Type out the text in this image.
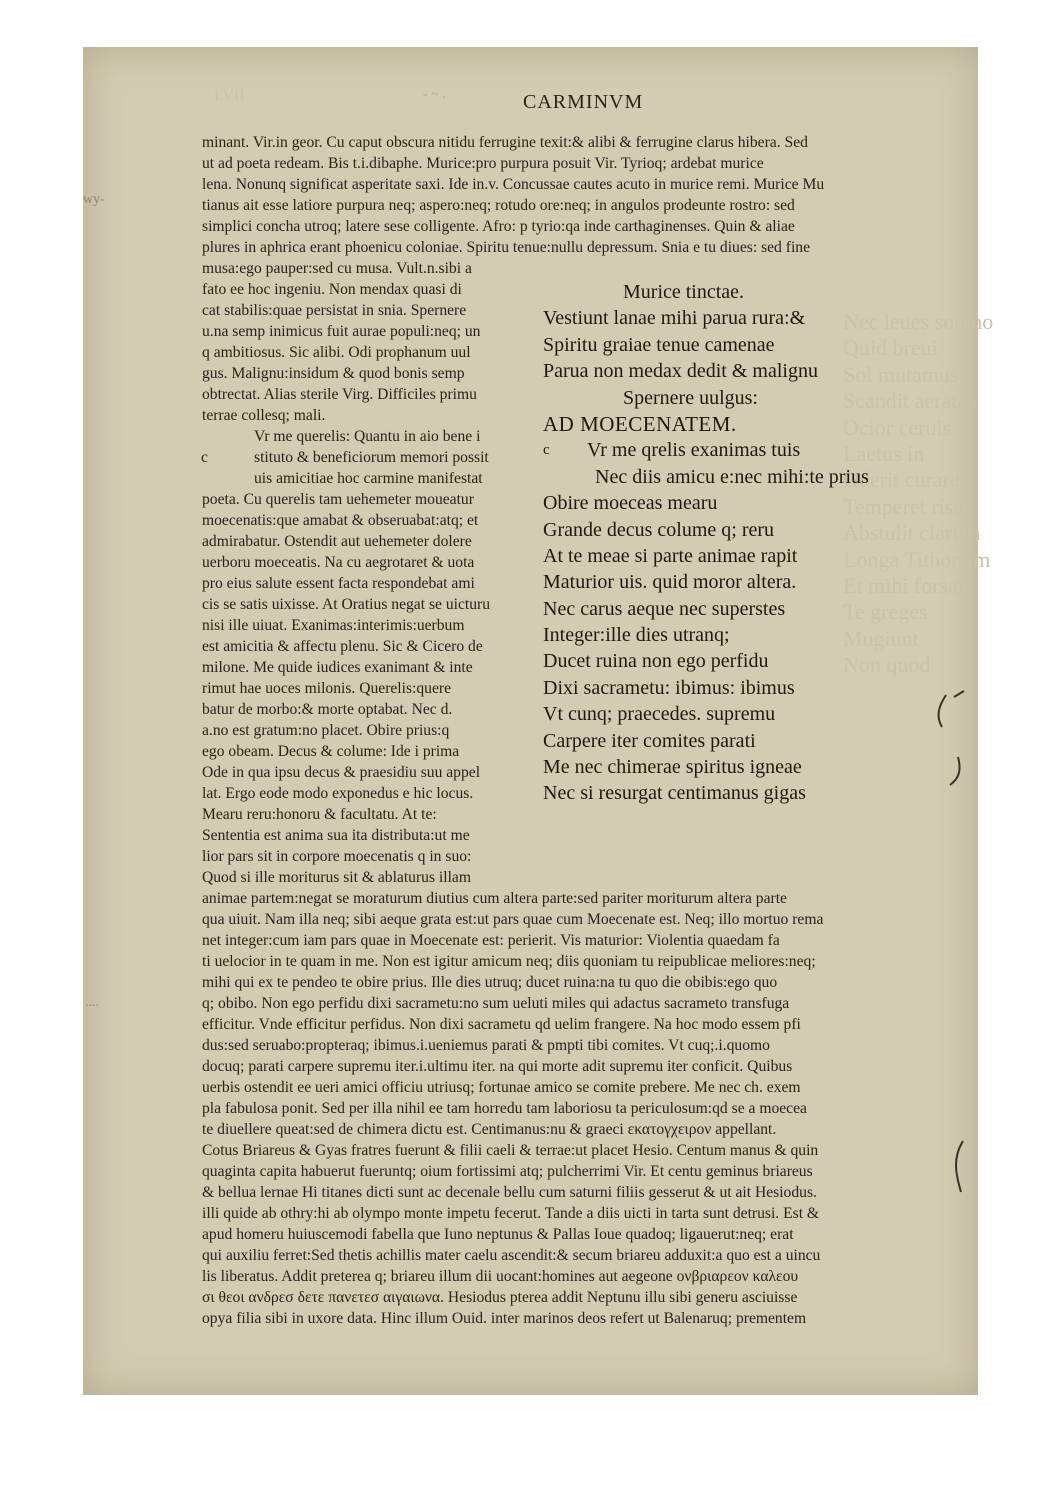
LVII
Nec leues somno
Quid breui
Sol mutamus
Scandit aeratas
Ocior ceruis
Laetus in
Oderit curare
Temperet risu
Abstulit clarum
Longa Tithonum
Et mihi forsan
Te greges
Mugiunt
Non quod
- ~ .	CARMINVM
wy-
....
minant. Vir.in geor. Cu caput obscura nitidu ferrugine texit:& alibi & ferrugine clarus hibera. Sed
ut ad poeta redeam. Bis t.i.dibaphe. Murice:pro purpura posuit Vir. Tyrioq; ardebat murice
lena. Nonunq significat asperitate saxi. Ide in.v. Concussae cautes acuto in murice remi. Murice Mu
tianus ait esse latiore purpura neq; aspero:neq; rotudo ore:neq; in angulos prodeunte rostro: sed
simplici concha utroq; latere sese colligente. Afro: p tyrio:qa inde carthaginenses. Quin & aliae
plures in aphrica erant phoenicu coloniae. Spiritu tenue:nullu depressum. Snia e tu diues: sed fine
musa:ego pauper:sed cu musa. Vult.n.sibi a
fato ee hoc ingeniu. Non mendax quasi di
cat stabilis:quae persistat in snia. Spernere
u.na semp inimicus fuit aurae populi:neq; un
q ambitiosus. Sic alibi. Odi prophanum uul
gus. Malignu:insidum & quod bonis semp
obtrectat. Alias sterile Virg. Difficiles primu
terrae collesq; mali.
Vr me querelis: Quantu in aio bene i
c	stituto & beneficiorum memori possit
uis amicitiae hoc carmine manifestat
poeta. Cu querelis tam uehemeter moueatur
moecenatis:que amabat & obseruabat:atq; et
admirabatur. Ostendit aut uehemeter dolere
uerboru moeceatis. Na cu aegrotaret & uota
pro eius salute essent facta respondebat ami
cis se satis uixisse. At Oratius negat se uicturu
nisi ille uiuat. Exanimas:interimis:uerbum
est amicitia & affectu plenu. Sic & Cicero de
milone. Me quide iudices exanimant & inte
rimut hae uoces milonis. Querelis:quere
batur de morbo:& morte optabat. Nec d.
a.no est gratum:no placet. Obire prius:q
ego obeam. Decus & colume: Ide i prima
Ode in qua ipsu decus & praesidiu suu appel
lat. Ergo eode modo exponedus e hic locus.
Mearu reru:honoru & facultatu. At te:
Sententia est anima sua ita distributa:ut me
lior pars sit in corpore moecenatis q in suo:
Quod si ille moriturus sit & ablaturus illam
Murice tinctae.
Vestiunt lanae mihi parua rura:&
Spiritu graiae tenue camenae
Parua non medax dedit & malignu
Spernere uulgus:
AD MOECENATEM.
c Vr me qrelis exanimas tuis
Nec diis amicu e:nec mihi:te prius
Obire moeceas mearu
Grande decus colume q; reru
At te meae si parte animae rapit
Maturior uis. quid moror altera.
Nec carus aeque nec superstes
Integer:ille dies utranq;
Ducet ruina non ego perfidu
Dixi sacrametu: ibimus: ibimus
Vt cunq; praecedes. supremu
Carpere iter comites parati
Me nec chimerae spiritus igneae
Nec si resurgat centimanus gigas
animae partem:negat se moraturum diutius cum altera parte:sed pariter moriturum altera parte
qua uiuit. Nam illa neq; sibi aeque grata est:ut pars quae cum Moecenate est. Neq; illo mortuo rema
net integer:cum iam pars quae in Moecenate est: perierit. Vis maturior: Violentia quaedam fa
ti uelocior in te quam in me. Non est igitur amicum neq; diis quoniam tu reipublicae meliores:neq;
mihi qui ex te pendeo te obire prius. Ille dies utruq; ducet ruina:na tu quo die obibis:ego quo
q; obibo. Non ego perfidu dixi sacrametu:no sum ueluti miles qui adactus sacrameto transfuga
efficitur. Vnde efficitur perfidus. Non dixi sacrametu qd uelim frangere. Na hoc modo essem pfi
dus:sed seruabo:propteraq; ibimus.i.ueniemus parati & pmpti tibi comites. Vt cuq;.i.quomo
docuq; parati carpere supremu iter.i.ultimu iter. na qui morte adit supremu iter conficit. Quibus
uerbis ostendit ee ueri amici officiu utriusq; fortunae amico se comite prebere. Me nec ch. exem
pla fabulosa ponit. Sed per illa nihil ee tam horredu tam laboriosu ta periculosum:qd se a moeceа
te diuellere queat:sed de chimera dictu est. Centimanus:nu & graeci εκατογχειρον appellant.
Cotus Briareus & Gyas fratres fuerunt & filii caeli & terrae:ut placet Hesio. Centum manus & quin
quaginta capita habuerut fueruntq; oium fortissimi atq; pulcherrimi Vir. Et centu geminus briareus
& bellua lernae Hi titanes dicti sunt ac decenale bellu cum saturni filiis gesserut & ut ait Hesiodus.
illi quide ab othry:hi ab olympo monte impetu fecerut. Tande a diis uicti in tarta sunt detrusi. Est &
apud homeru huiuscemodi fabella que Iuno neptunus & Pallas Ioue quadoq; ligauerut:neq; erat
qui auxiliu ferret:Sed thetis achillis mater caelu ascendit:& secum briareu adduxit:a quo est a uincu
lis liberatus. Addit preterea q; briareu illum dii uocant:homines aut aegeone ονβριαρεον καλεου
σι θεοι ανδρεσ δετε πανετεσ αιγαιωνα. Hesiodus ptereа addit Neptunu illu sibi generu asciuisse
opya filia sibi in uxore data. Hinc illum Ouid. inter marinos deos refert ut Balenaruq; prementem
